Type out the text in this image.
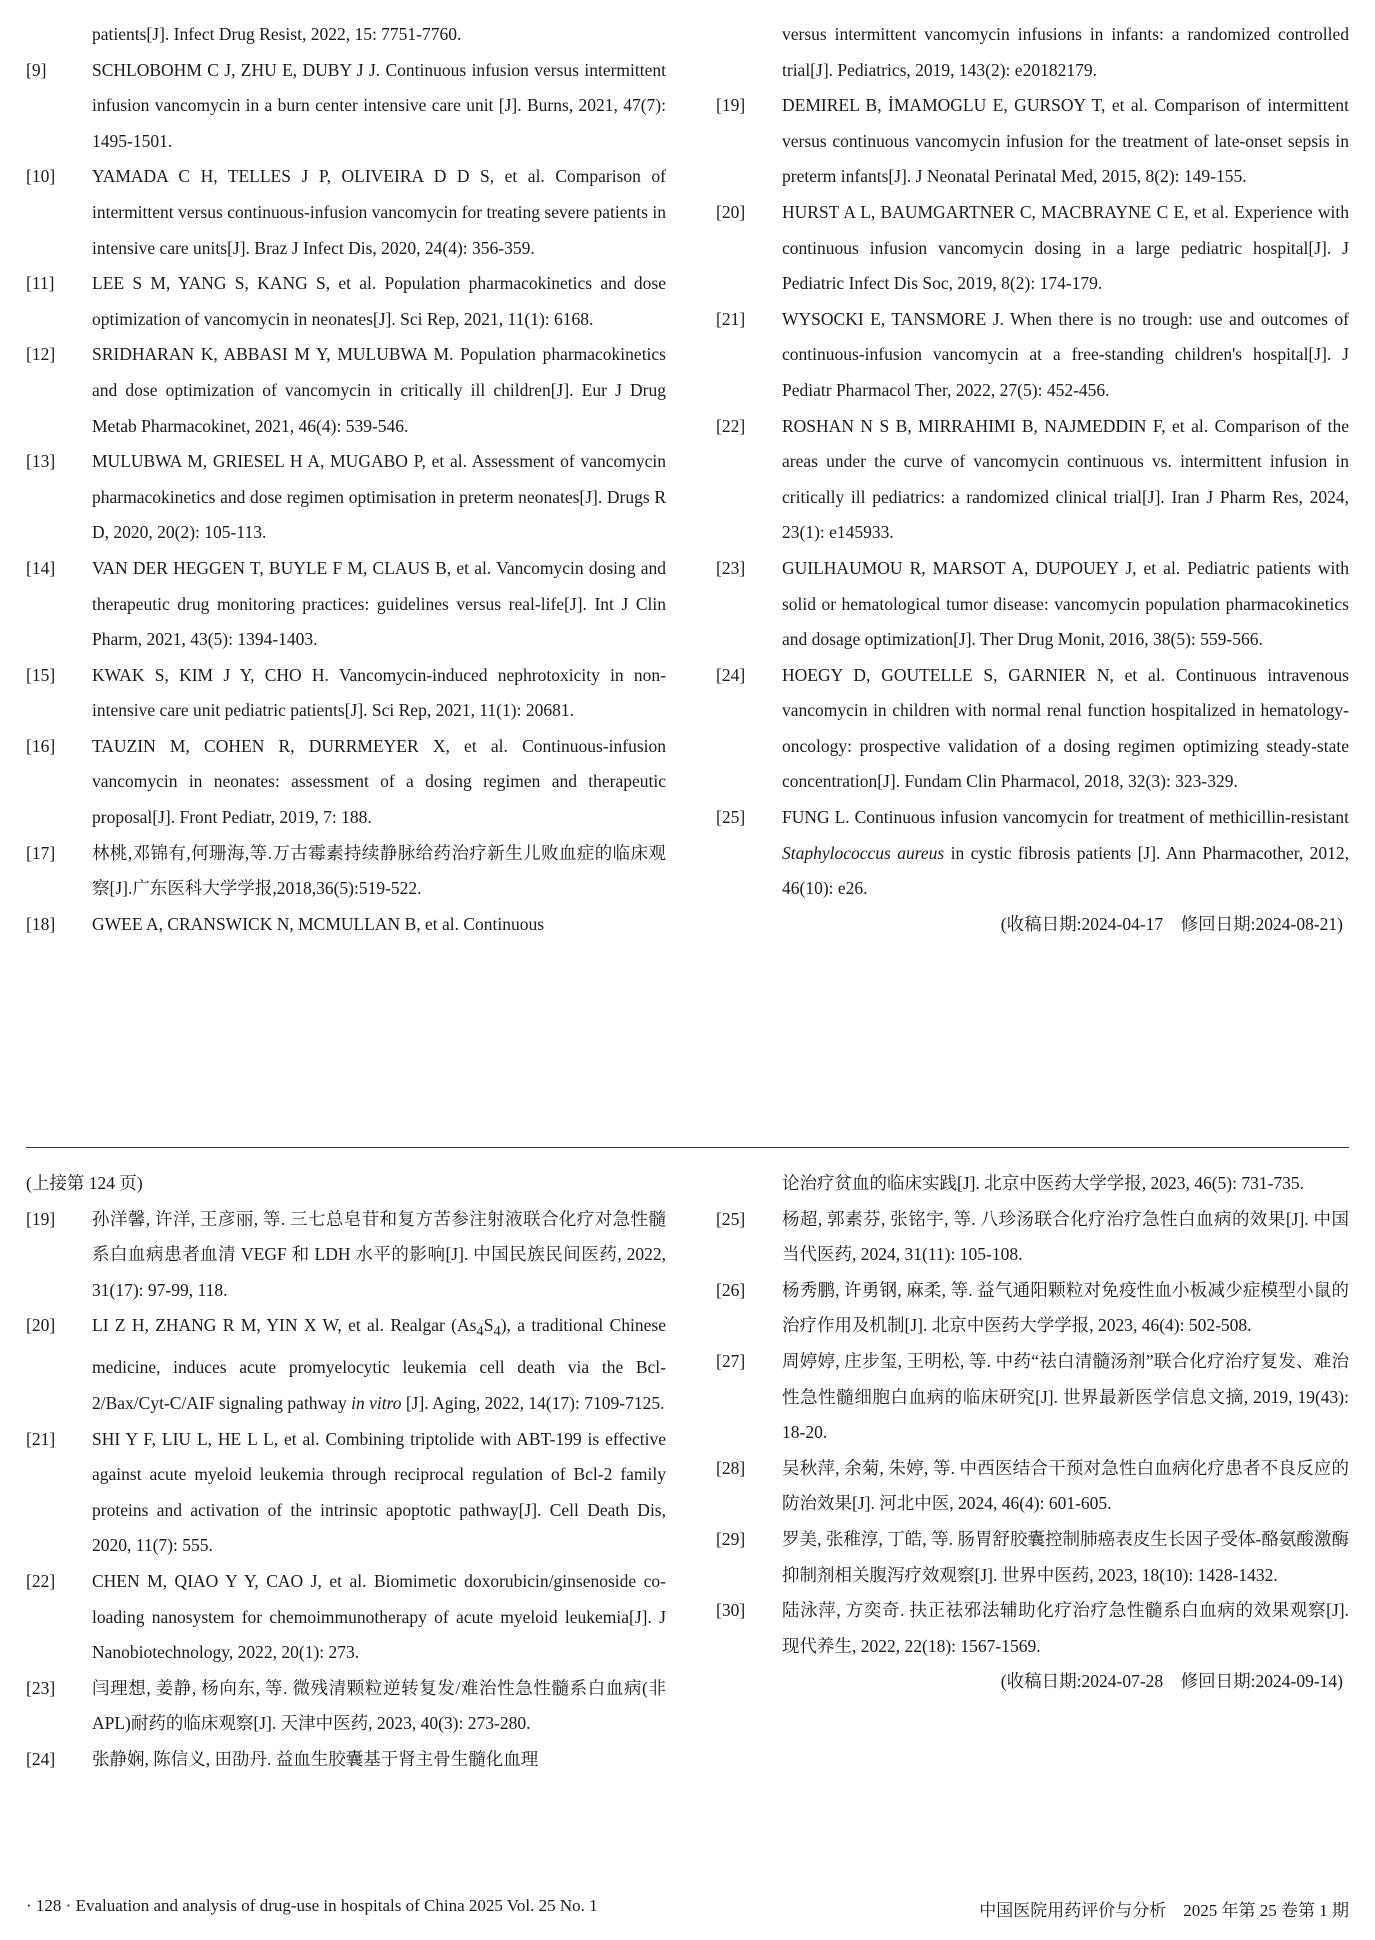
patients[J]. Infect Drug Resist, 2022, 15: 7751-7760.
[9]	SCHLOBOHM C J, ZHU E, DUBY J J. Continuous infusion versus intermittent infusion vancomycin in a burn center intensive care unit [J]. Burns, 2021, 47(7): 1495-1501.
[10]	YAMADA C H, TELLES J P, OLIVEIRA D D S, et al. Comparison of intermittent versus continuous-infusion vancomycin for treating severe patients in intensive care units[J]. Braz J Infect Dis, 2020, 24(4): 356-359.
[11]	LEE S M, YANG S, KANG S, et al. Population pharmacokinetics and dose optimization of vancomycin in neonates[J]. Sci Rep, 2021, 11(1): 6168.
[12]	SRIDHARAN K, ABBASI M Y, MULUBWA M. Population pharmacokinetics and dose optimization of vancomycin in critically ill children[J]. Eur J Drug Metab Pharmacokinet, 2021, 46(4): 539-546.
[13]	MULUBWA M, GRIESEL H A, MUGABO P, et al. Assessment of vancomycin pharmacokinetics and dose regimen optimisation in preterm neonates[J]. Drugs R D, 2020, 20(2): 105-113.
[14]	VAN DER HEGGEN T, BUYLE F M, CLAUS B, et al. Vancomycin dosing and therapeutic drug monitoring practices: guidelines versus real-life[J]. Int J Clin Pharm, 2021, 43(5): 1394-1403.
[15]	KWAK S, KIM J Y, CHO H. Vancomycin-induced nephrotoxicity in non-intensive care unit pediatric patients[J]. Sci Rep, 2021, 11(1): 20681.
[16]	TAUZIN M, COHEN R, DURRMEYER X, et al. Continuous-infusion vancomycin in neonates: assessment of a dosing regimen and therapeutic proposal[J]. Front Pediatr, 2019, 7: 188.
[17]	林桃,邓锦有,何珊海,等.万古霉素持续静脉给药治疗新生儿败血症的临床观察[J].广东医科大学学报,2018,36(5):519-522.
[18]	GWEE A, CRANSWICK N, MCMULLAN B, et al. Continuous
versus intermittent vancomycin infusions in infants: a randomized controlled trial[J]. Pediatrics, 2019, 143(2): e20182179.
[19]	DEMIREL B, İMAMOGLU E, GURSOY T, et al. Comparison of intermittent versus continuous vancomycin infusion for the treatment of late-onset sepsis in preterm infants[J]. J Neonatal Perinatal Med, 2015, 8(2): 149-155.
[20]	HURST A L, BAUMGARTNER C, MACBRAYNE C E, et al. Experience with continuous infusion vancomycin dosing in a large pediatric hospital[J]. J Pediatric Infect Dis Soc, 2019, 8(2): 174-179.
[21]	WYSOCKI E, TANSMORE J. When there is no trough: use and outcomes of continuous-infusion vancomycin at a free-standing children's hospital[J]. J Pediatr Pharmacol Ther, 2022, 27(5): 452-456.
[22]	ROSHAN N S B, MIRRAHIMI B, NAJMEDDIN F, et al. Comparison of the areas under the curve of vancomycin continuous vs. intermittent infusion in critically ill pediatrics: a randomized clinical trial[J]. Iran J Pharm Res, 2024, 23(1): e145933.
[23]	GUILHAUMOU R, MARSOT A, DUPOUEY J, et al. Pediatric patients with solid or hematological tumor disease: vancomycin population pharmacokinetics and dosage optimization[J]. Ther Drug Monit, 2016, 38(5): 559-566.
[24]	HOEGY D, GOUTELLE S, GARNIER N, et al. Continuous intravenous vancomycin in children with normal renal function hospitalized in hematology-oncology: prospective validation of a dosing regimen optimizing steady-state concentration[J]. Fundam Clin Pharmacol, 2018, 32(3): 323-329.
[25]	FUNG L. Continuous infusion vancomycin for treatment of methicillin-resistant Staphylococcus aureus in cystic fibrosis patients [J]. Ann Pharmacother, 2012, 46(10): e26.
(收稿日期:2024-04-17　修回日期:2024-08-21)
(上接第 124 页)
[19]	孙洋馨, 许洋, 王彦丽, 等. 三七总皂苷和复方苦参注射液联合化疗对急性髓系白血病患者血清 VEGF 和 LDH 水平的影响[J]. 中国民族民间医药, 2022, 31(17): 97-99, 118.
[20]	LI Z H, ZHANG R M, YIN X W, et al. Realgar $(As_4S_4)$, a traditional Chinese medicine, induces acute promyelocytic leukemia cell death via the Bcl-2/Bax/Cyt-C/AIF signaling pathway in vitro [J]. Aging, 2022, 14(17): 7109-7125.
[21]	SHI Y F, LIU L, HE L L, et al. Combining triptolide with ABT-199 is effective against acute myeloid leukemia through reciprocal regulation of Bcl-2 family proteins and activation of the intrinsic apoptotic pathway[J]. Cell Death Dis, 2020, 11(7): 555.
[22]	CHEN M, QIAO Y Y, CAO J, et al. Biomimetic doxorubicin/ginsenoside co-loading nanosystem for chemoimmunotherapy of acute myeloid leukemia[J]. J Nanobiotechnology, 2022, 20(1): 273.
[23]	闫理想, 姜静, 杨向东, 等. 微残清颗粒逆转复发/难治性急性髓系白血病(非 APL)耐药的临床观察[J]. 天津中医药, 2023, 40(3): 273-280.
[24]	张静娴, 陈信义, 田劭丹. 益血生胶囊基于肾主骨生髓化血理
论治疗贫血的临床实践[J]. 北京中医药大学学报, 2023, 46(5): 731-735.
[25]	杨超, 郭素芬, 张铭宇, 等. 八珍汤联合化疗治疗急性白血病的效果[J]. 中国当代医药, 2024, 31(11): 105-108.
[26]	杨秀鹏, 许勇钢, 麻柔, 等. 益气通阳颗粒对免疫性血小板减少症模型小鼠的治疗作用及机制[J]. 北京中医药大学学报, 2023, 46(4): 502-508.
[27]	周婷婷, 庄步玺, 王明松, 等. 中药“祛白清髓汤剂”联合化疗治疗复发、难治性急性髓细胞白血病的临床研究[J]. 世界最新医学信息文摘, 2019, 19(43): 18-20.
[28]	吴秋萍, 余菊, 朱婷, 等. 中西医结合干预对急性白血病化疗患者不良反应的防治效果[J]. 河北中医, 2024, 46(4): 601-605.
[29]	罗美, 张稚淳, 丁皓, 等. 肠胃舒胶囊控制肺癌表皮生长因子受体-酪氨酸激酶抑制剂相关腹泻疗效观察[J]. 世界中医药, 2023, 18(10): 1428-1432.
[30]	陆泳萍, 方奕奇. 扶正祛邪法辅助化疗治疗急性髓系白血病的效果观察[J]. 现代养生, 2022, 22(18): 1567-1569.
(收稿日期:2024-07-28　修回日期:2024-09-14)
· 128 · Evaluation and analysis of drug-use in hospitals of China 2025 Vol. 25 No. 1	中国医院用药评价与分析　2025 年第 25 卷第 1 期
